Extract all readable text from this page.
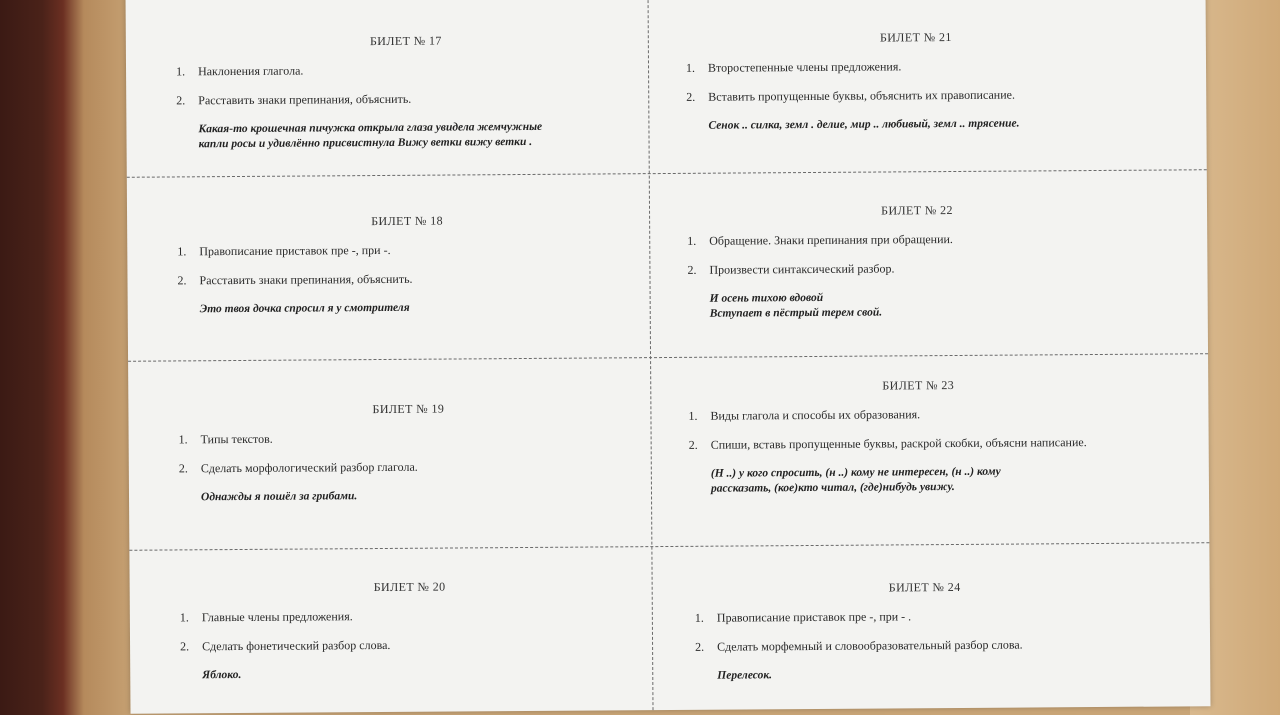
БИЛЕТ № 17
1.	Наклонения глагола.
2.	Расставить знаки препинания, объяснить.
Какая-то крошечная пичужка открыла глаза увидела жемчужные
капли росы и удивлённо присвистнула Вижу ветки вижу ветки .
БИЛЕТ № 21
1.	Второстепенные члены предложения.
2.	Вставить пропущенные буквы, объяснить их правописание.
Сенок .. силка, земл . делие, мир .. любивый, земл .. трясение.
БИЛЕТ № 18
1.	Правописание приставок пре -, при -.
2.	Расставить знаки препинания, объяснить.
Это твоя дочка спросил я у смотрителя
БИЛЕТ № 22
1.	Обращение. Знаки препинания при обращении.
2.	Произвести синтаксический разбор.
И осень тихою вдовой
Вступает в пёстрый терем свой.
БИЛЕТ № 19
1.	Типы текстов.
2.	Сделать морфологический разбор глагола.
Однажды я пошёл за грибами.
БИЛЕТ № 23
1.	Виды глагола и способы их образования.
2.	Спиши, вставь пропущенные буквы, раскрой скобки, объясни написание.
(Н ..) у кого спросить, (н ..) кому не интересен, (н ..) кому
рассказать, (кое)кто читал, (где)нибудь увижу.
БИЛЕТ № 20
1.	Главные члены предложения.
2.	Сделать фонетический разбор слова.
Яблоко.
БИЛЕТ № 24
1.	Правописание приставок пре -, при - .
2.	Сделать морфемный и словообразовательный разбор слова.
Перелесок.
